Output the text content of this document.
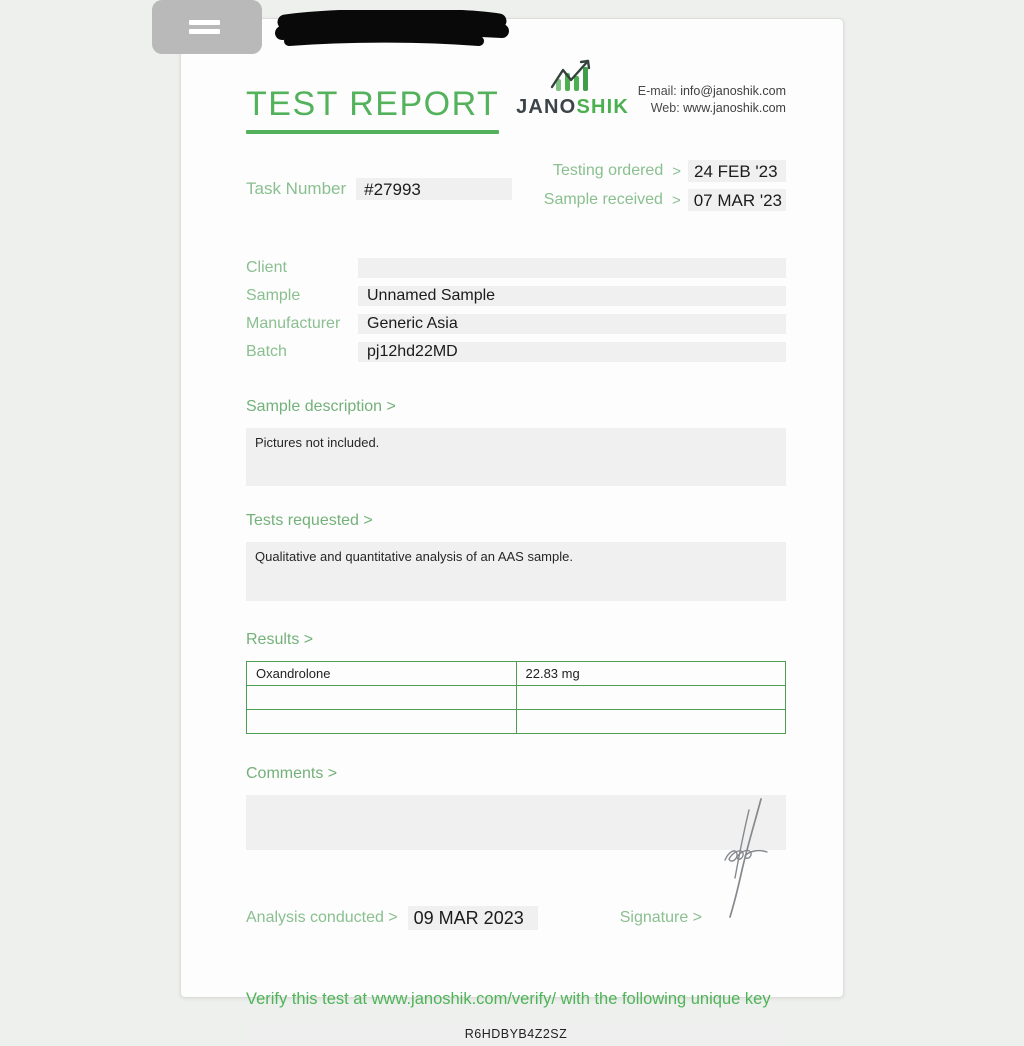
TEST REPORT JANOSHIK
E-mail: info@janoshik.com
Web: www.janoshik.com
Task Number	#27993
Testing ordered > 24 FEB '23
Sample received > 07 MAR '23
Client
Sample	Unnamed Sample
Manufacturer	Generic Asia
Batch	pj12hd22MD
Sample description >
Pictures not included.
Tests requested >
Qualitative and quantitative analysis of an AAS sample.
Results >
Oxandrolone	22.83 mg

Comments >
Analysis conducted > 09 MAR 2023	Signature >
Verify this test at www.janoshik.com/verify/ with the following unique key
R6HDBYB4Z2SZ
